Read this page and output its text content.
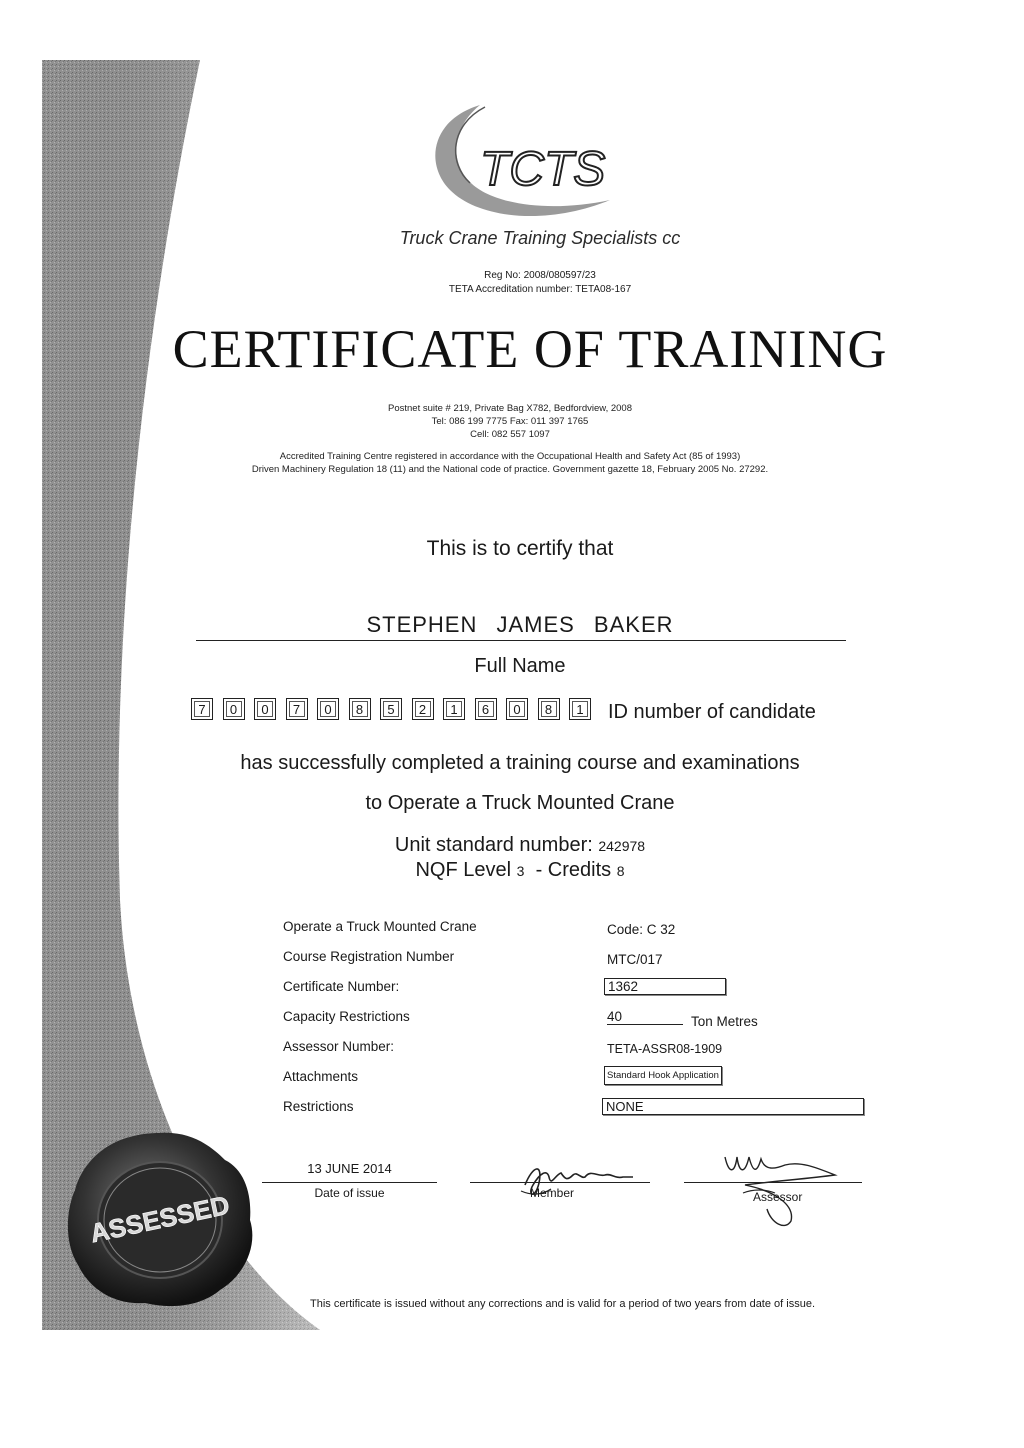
ASSESSED
TCTS
Truck Crane Training Specialists cc
Reg No: 2008/080597/23
TETA Accreditation number: TETA08-167
CERTIFICATE OF TRAINING
Postnet suite # 219, Private Bag X782, Bedfordview, 2008
Tel: 086 199 7775 Fax: 011 397 1765
Cell: 082 557 1097
Accredited Training Centre registered in accordance with the Occupational Health and Safety Act (85 of 1993)
Driven Machinery Regulation 18 (11) and the National code of practice. Government gazette 18, February 2005 No. 27292.
This is to certify that
STEPHEN JAMES BAKER
Full Name
7	0	0	7	0	8	5	2	1	6	0	8	1	ID number of candidate
has successfully completed a training course and examinations
to Operate a Truck Mounted Crane
Unit standard number: 242978
NQF Level 3 - Credits 8
Operate a Truck Mounted Crane	Code: C 32
Course Registration Number	MTC/017
Certificate Number:	1362
Capacity Restrictions	40	Ton Metres
Assessor Number:	TETA-ASSR08-1909
Attachments	Standard Hook Application
Restrictions	NONE
13 JUNE 2014
Date of issue	Member	Assessor
This certificate is issued without any corrections and is valid for a period of two years from date of issue.
